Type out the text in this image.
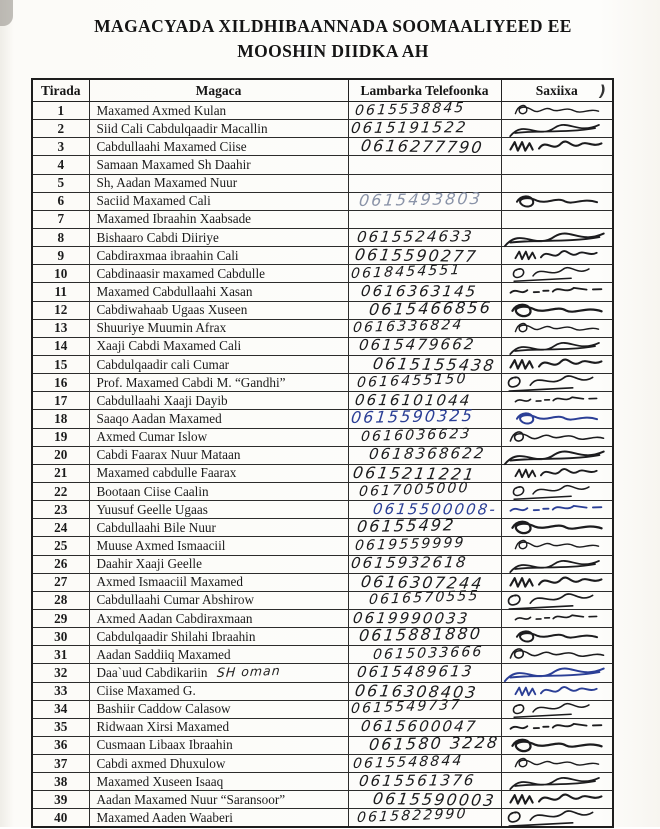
MAGACYADA XILDHIBAANNADA SOOMAALIYEED EE
MOOSHIN DIIDKA AH
Tirada	Magaca	Lambarka Telefoonka	Saxiixa )

1	Maxamed Axmed Kulan	0615538845	

2	Siid Cali Cabdulqaadir Macallin	0615191522	

3	Cabdullaahi Maxamed Ciise	0616277790	

4	Samaan Maxamed Sh Daahir		
5	Sh, Aadan Maxamed Nuur		
6	Saciid Maxamed Cali	0615493803	

7	Maxamed Ibraahin Xaabsade		
8	Bishaaro Cabdi Diiriye	0615524633	

9	Cabdiraxmaa ibraahin Cali	0615590277	

10	Cabdinaasir maxamed Cabdulle	0618454551	

11	Maxamed Cabdullaahi Xasan	0616363145	

12	Cabdiwahaab Ugaas Xuseen	0615466856	

13	Shuuriye Muumin Afrax	0616336824	

14	Xaaji Cabdi Maxamed Cali	0615479662	

15	Cabdulqaadir cali Cumar	0615155438	

16	Prof. Maxamed Cabdi M. “Gandhi”	0616455150	

17	Cabdullaahi Xaaji Dayib	0616101044	

18	Saaqo Aadan Maxamed	0615590325	

19	Axmed Cumar Islow	0616036623	

20	Cabdi Faarax Nuur Mataan	0618368622	

21	Maxamed cabdulle Faarax	0615211221	

22	Bootaan Ciise Caalin	0617005000	

23	Yuusuf Geelle Ugaas	0615500008-	

24	Cabdullaahi Bile Nuur	06155492	

25	Muuse Axmed Ismaaciil	0619559999	

26	Daahir Xaaji Geelle	0615932618	

27	Axmed Ismaaciil Maxamed	0616307244	

28	Cabdullaahi Cumar Abshirow	0616570555	

29	Axmed Aadan Cabdiraxmaan	0619990033	

30	Cabdulqaadir Shilahi Ibraahin	0615881880	

31	Aadan Saddiiq Maxamed	0615033666	

32	Daa`uud Cabdikariin SH oman	0615489613	

33	Ciise Maxamed G.	0616308403	

34	Bashiir Caddow Calasow	0615549737	

35	Ridwaan Xirsi Maxamed	0615600047	

36	Cusmaan Libaax Ibraahin	061580 3228	

37	Cabdi axmed Dhuxulow	0615548844	

38	Maxamed Xuseen Isaaq	0615561376	

39	Aadan Maxamed Nuur “Saransoor”	0615590003	

40	Maxamed Aaden Waaberi	0615822990	
